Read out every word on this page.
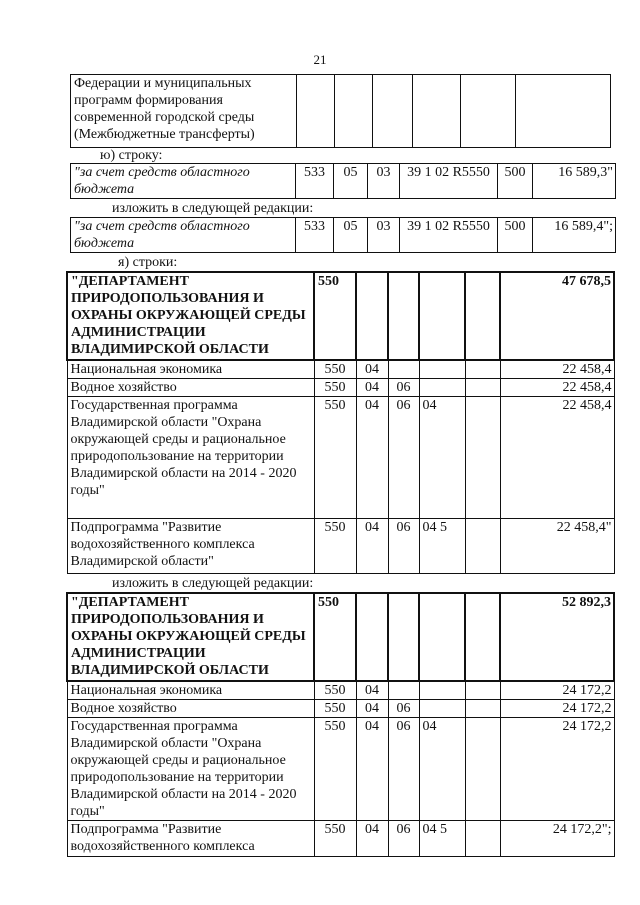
21
Федерации и муниципальных программ формирования современной городской среды (Межбюджетные трансферты)						
ю) строку:
"за счет средств областного бюджета	533	05	03	39 1 02 R5550	500	16 589,3"
изложить в следующей редакции:
"за счет средств областного бюджета	533	05	03	39 1 02 R5550	500	16 589,4";
я) строки:
"ДЕПАРТАМЕНТ ПРИРОДОПОЛЬЗОВАНИЯ И ОХРАНЫ ОКРУЖАЮЩЕЙ СРЕДЫ АДМИНИСТРАЦИИ ВЛАДИМИРСКОЙ ОБЛАСТИ	550					47 678,5
Национальная экономика	550	04				22 458,4
Водное хозяйство	550	04	06			22 458,4
Государственная программа Владимирской области "Охрана окружающей среды и рациональное природопользование на территории Владимирской области на 2014 - 2020 годы"	550	04	06	04		22 458,4
Подпрограмма "Развитие водохозяйственного комплекса Владимирской области"	550	04	06	04 5		22 458,4"
изложить в следующей редакции:
"ДЕПАРТАМЕНТ ПРИРОДОПОЛЬЗОВАНИЯ И ОХРАНЫ ОКРУЖАЮЩЕЙ СРЕДЫ АДМИНИСТРАЦИИ ВЛАДИМИРСКОЙ ОБЛАСТИ	550					52 892,3
Национальная экономика	550	04				24 172,2
Водное хозяйство	550	04	06			24 172,2
Государственная программа Владимирской области "Охрана окружающей среды и рациональное природопользование на территории Владимирской области на 2014 - 2020 годы"	550	04	06	04		24 172,2
Подпрограмма "Развитие водохозяйственного комплекса	550	04	06	04 5		24 172,2";
